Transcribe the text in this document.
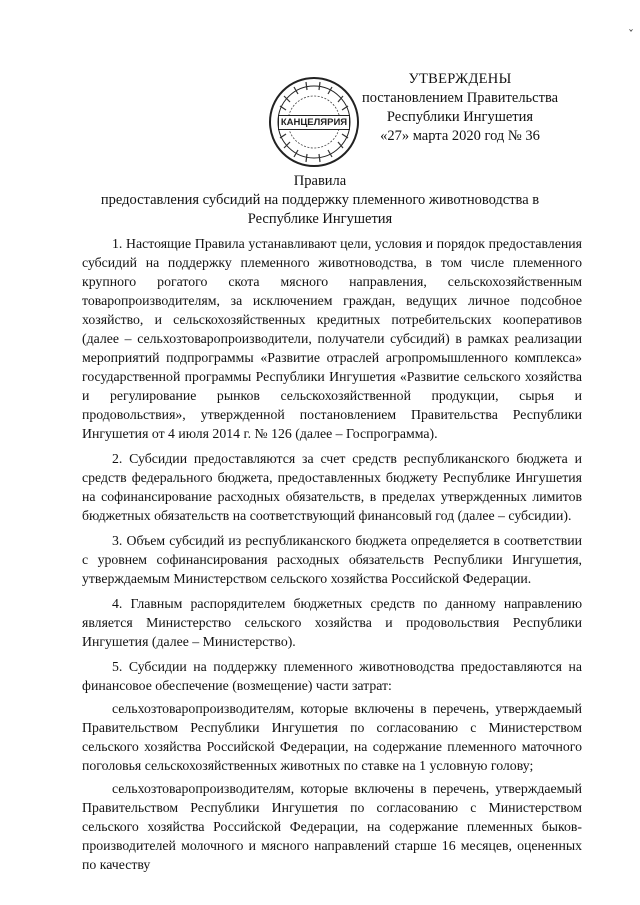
ˇ
КАНЦЕЛЯРИЯ
УТВЕРЖДЕНЫ
постановлением Правительства
Республики Ингушетия
«27» марта 2020 год № 36
Правила
предоставления субсидий на поддержку племенного животноводства в
Республике Ингушетия

1. Настоящие Правила устанавливают цели, условия и порядок предоставления субсидий на поддержку племенного животноводства, в том числе племенного крупного рогатого скота мясного направления, сельскохозяйственным товаропроизводителям, за исключением граждан, ведущих личное подсобное хозяйство, и сельскохозяйственных кредитных потребительских кооперативов (далее – сельхозтоваропроизводители, получатели субсидий) в рамках реализации мероприятий подпрограммы «Развитие отраслей агропромышленного комплекса» государственной программы Республики Ингушетия «Развитие сельского хозяйства и регулирование рынков сельскохозяйственной продукции, сырья и продовольствия», утвержденной постановлением Правительства Республики Ингушетия от 4 июля 2014 г. № 126 (далее – Госпрограмма).

2. Субсидии предоставляются за счет средств республиканского бюджета и средств федерального бюджета, предоставленных бюджету Республике Ингушетия на софинансирование расходных обязательств, в пределах утвержденных лимитов бюджетных обязательств на соответствующий финансовый год (далее – субсидии).

3. Объем субсидий из республиканского бюджета определяется в соответствии с уровнем софинансирования расходных обязательств Республики Ингушетия, утверждаемым Министерством сельского хозяйства Российской Федерации.

4. Главным распорядителем бюджетных средств по данному направлению является Министерство сельского хозяйства и продовольствия Республики Ингушетия (далее – Министерство).

5. Субсидии на поддержку племенного животноводства предоставляются на финансовое обеспечение (возмещение) части затрат:

сельхозтоваропроизводителям, которые включены в перечень, утверждаемый Правительством Республики Ингушетия по согласованию с Министерством сельского хозяйства Российской Федерации, на содержание племенного маточного поголовья сельскохозяйственных животных по ставке на 1 условную голову;

сельхозтоваропроизводителям, которые включены в перечень, утверждаемый Правительством Республики Ингушетия по согласованию с Министерством сельского хозяйства Российской Федерации, на содержание племенных быков-производителей молочного и мясного направлений старше 16 месяцев, оцененных по качеству
